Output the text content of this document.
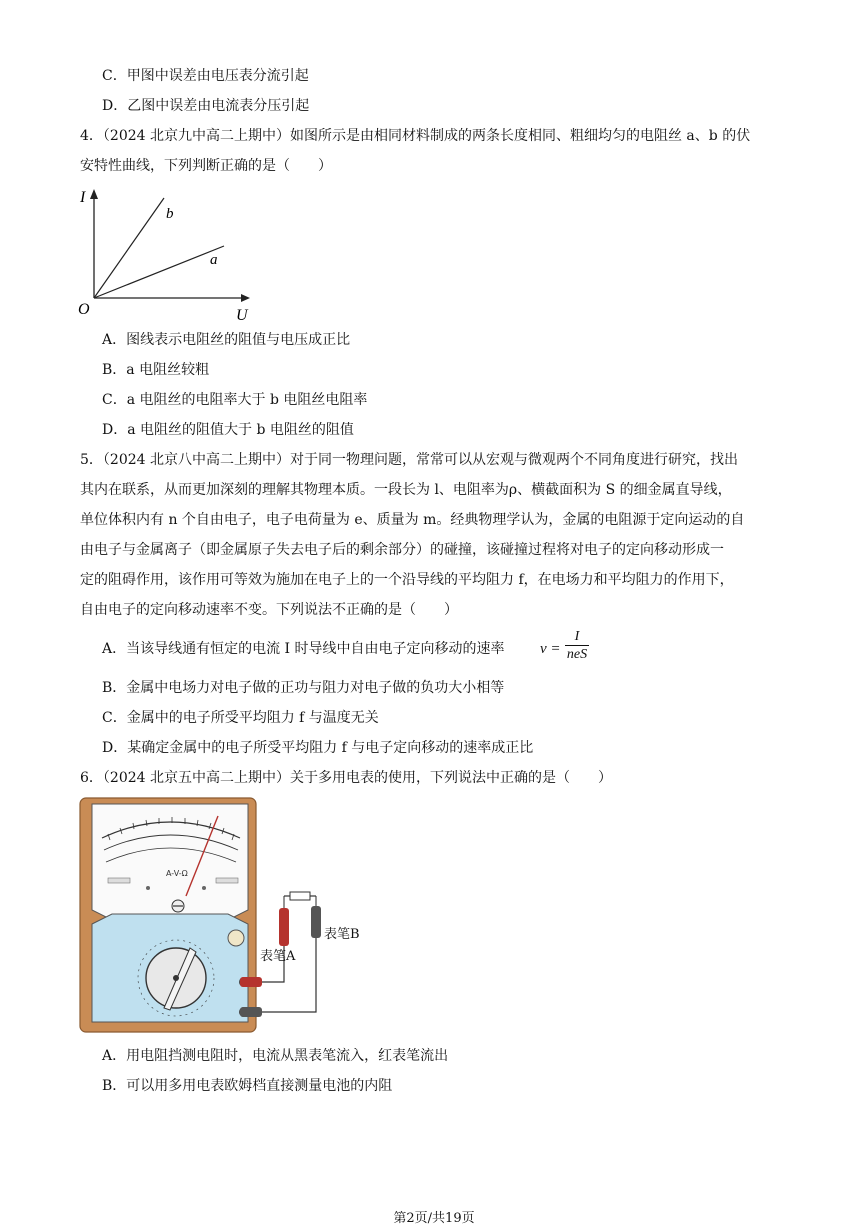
C．甲图中误差由电压表分流引起
D．乙图中误差由电流表分压引起
4．（2024 北京九中高二上期中）如图所示是由相同材料制成的两条长度相同、粗细均匀的电阻丝 a、b 的伏
安特性曲线，下列判断正确的是（　　）
I
U
O
b
a
A．图线表示电阻丝的阻值与电压成正比
B．a 电阻丝较粗
C．a 电阻丝的电阻率大于 b 电阻丝电阻率
D．a 电阻丝的阻值大于 b 电阻丝的阻值
5．（2024 北京八中高二上期中）对于同一物理问题，常常可以从宏观与微观两个不同角度进行研究，找出
其内在联系，从而更加深刻的理解其物理本质。一段长为 l、电阻率为ρ、横截面积为 S 的细金属直导线，
单位体积内有 n 个自由电子，电子电荷量为 e、质量为 m。经典物理学认为，金属的电阻源于定向运动的自
由电子与金属离子（即金属原子失去电子后的剩余部分）的碰撞，该碰撞过程将对电子的定向移动形成一
定的阻碍作用，该作用可等效为施加在电子上的一个沿导线的平均阻力 f，在电场力和平均阻力的作用下，
自由电子的定向移动速率不变。下列说法不正确的是（　　）
A．当该导线通有恒定的电流 I 时导线中自由电子定向移动的速率 v =
I
neS
B．金属中电场力对电子做的正功与阻力对电子做的负功大小相等
C．金属中的电子所受平均阻力 f 与温度无关
D．某确定金属中的电子所受平均阻力 f 与电子定向移动的速率成正比
6．（2024 北京五中高二上期中）关于多用电表的使用，下列说法中正确的是（　　）
A-V-Ω
表笔A
表笔B
A．用电阻挡测电阻时，电流从黑表笔流入，红表笔流出
B．可以用多用电表欧姆档直接测量电池的内阻
第2页/共19页
